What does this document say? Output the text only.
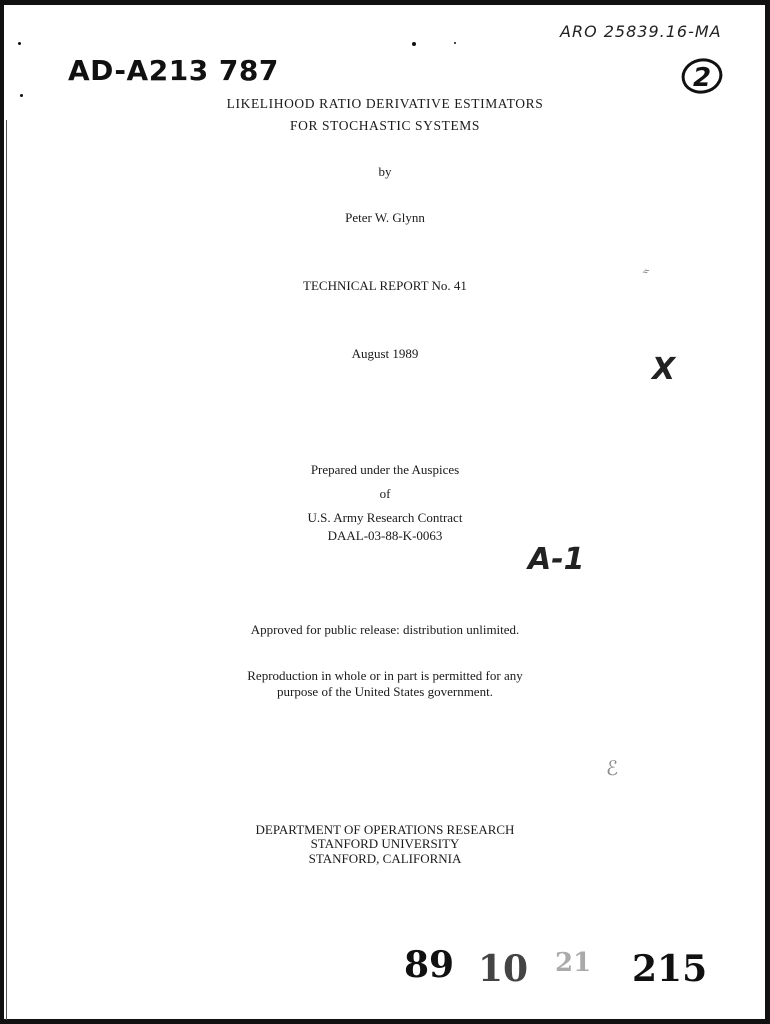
ARO 25839.16-MA
2
AD-A213 787
LIKELIHOOD RATIO DERIVATIVE ESTIMATORS
FOR STOCHASTIC SYSTEMS
by
Peter W. Glynn
TECHNICAL REPORT No. 41
⸗
August 1989	X
Prepared under the Auspices
of
U.S. Army Research Contract
DAAL-03-88-K-0063
A-1
Approved for public release: distribution unlimited.
Reproduction in whole or in part is permitted for any
purpose of the United States government.
ℰ
DEPARTMENT OF OPERATIONS RESEARCH
STANFORD UNIVERSITY
STANFORD, CALIFORNIA
89 10 21 215
